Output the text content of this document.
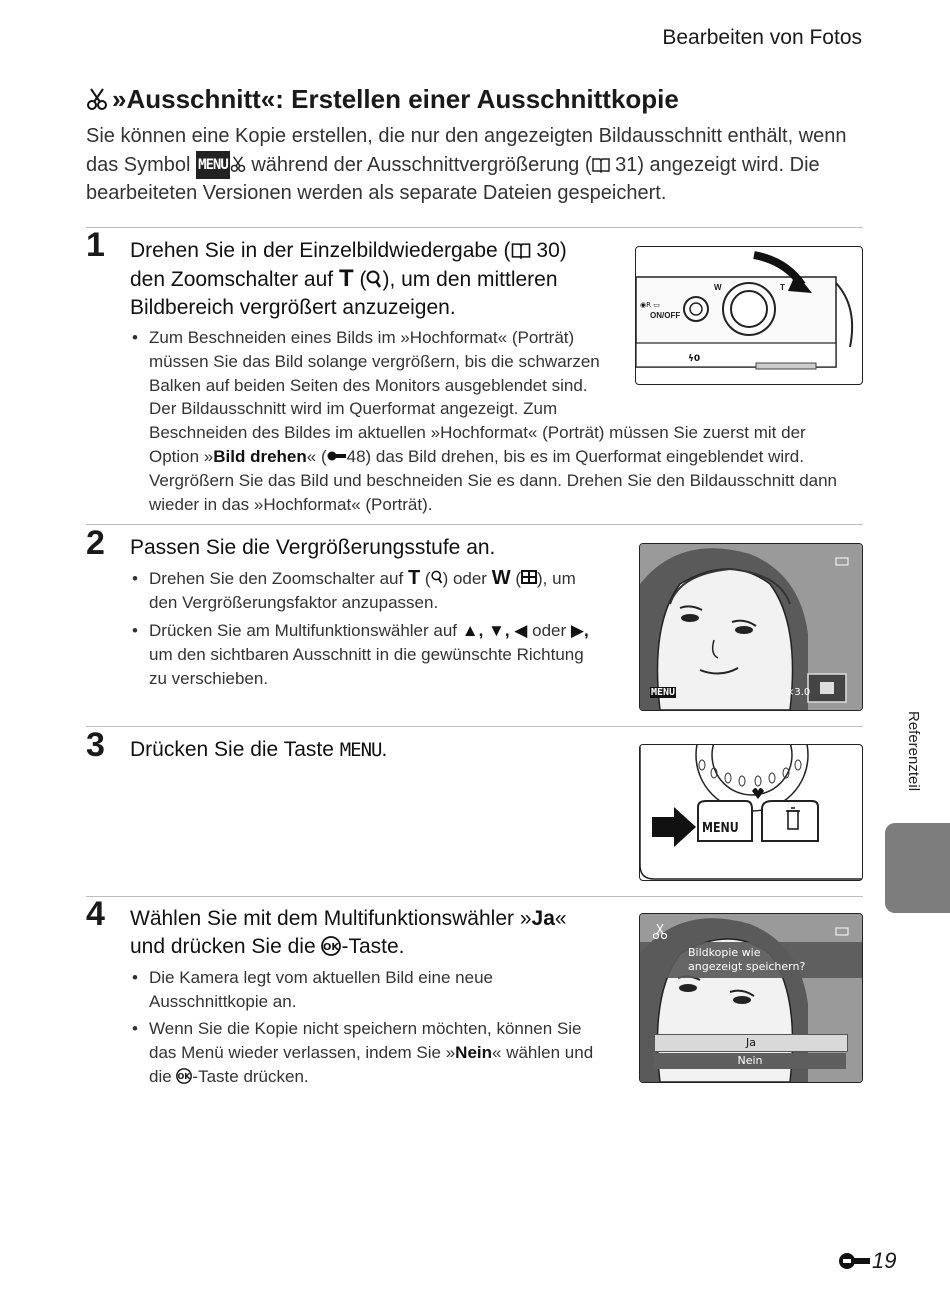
Bearbeiten von Fotos
»Ausschnitt«: Erstellen einer Ausschnittkopie
Sie können eine Kopie erstellen, die nur den angezeigten Bildausschnitt enthält, wenn
das Symbol MENU während der Ausschnittvergrößerung ( 31) angezeigt wird. Die
bearbeiteten Versionen werden als separate Dateien gespeichert.
1 Drehen Sie in der Einzelbildwiedergabe ( 30)
den Zoomschalter auf T ( ), um den mittleren
Bildbereich vergrößert anzuzeigen.
• Zum Beschneiden eines Bilds im »Hochformat« (Porträt)
müssen Sie das Bild solange vergrößern, bis die schwarzen
Balken auf beiden Seiten des Monitors ausgeblendet sind.
Der Bildausschnitt wird im Querformat angezeigt. Zum
Beschneiden des Bildes im aktuellen »Hochformat« (Porträt) müssen Sie zuerst mit der
Option »Bild drehen« ( 48) das Bild drehen, bis es im Querformat eingeblendet wird.
Vergrößern Sie das Bild und beschneiden Sie es dann. Drehen Sie den Bildausschnitt dann
wieder in das »Hochformat« (Porträt).
ϟ0
◉R ▭
W	T
ON/OFF
2 Passen Sie die Vergrößerungsstufe an.
• Drehen Sie den Zoomschalter auf T ( ) oder W ( ), um
den Vergrößerungsfaktor anzupassen.
• Drücken Sie am Multifunktionswähler auf ▲, ▼, ◀ oder ▶,
um den sichtbaren Ausschnitt in die gewünschte Richtung
zu verschieben.
MENU	×3.0
3 Drücken Sie die Taste MENU.
MENU
4 Wählen Sie mit dem Multifunktionswähler »Ja«
und drücken Sie die OK -Taste.
• Die Kamera legt vom aktuellen Bild eine neue
Ausschnittkopie an.
• Wenn Sie die Kopie nicht speichern möchten, können Sie
das Menü wieder verlassen, indem Sie »Nein« wählen und
die OK -Taste drücken.
Bildkopie wie
angezeigt speichern?
Ja
Nein
Referenzteil
19
